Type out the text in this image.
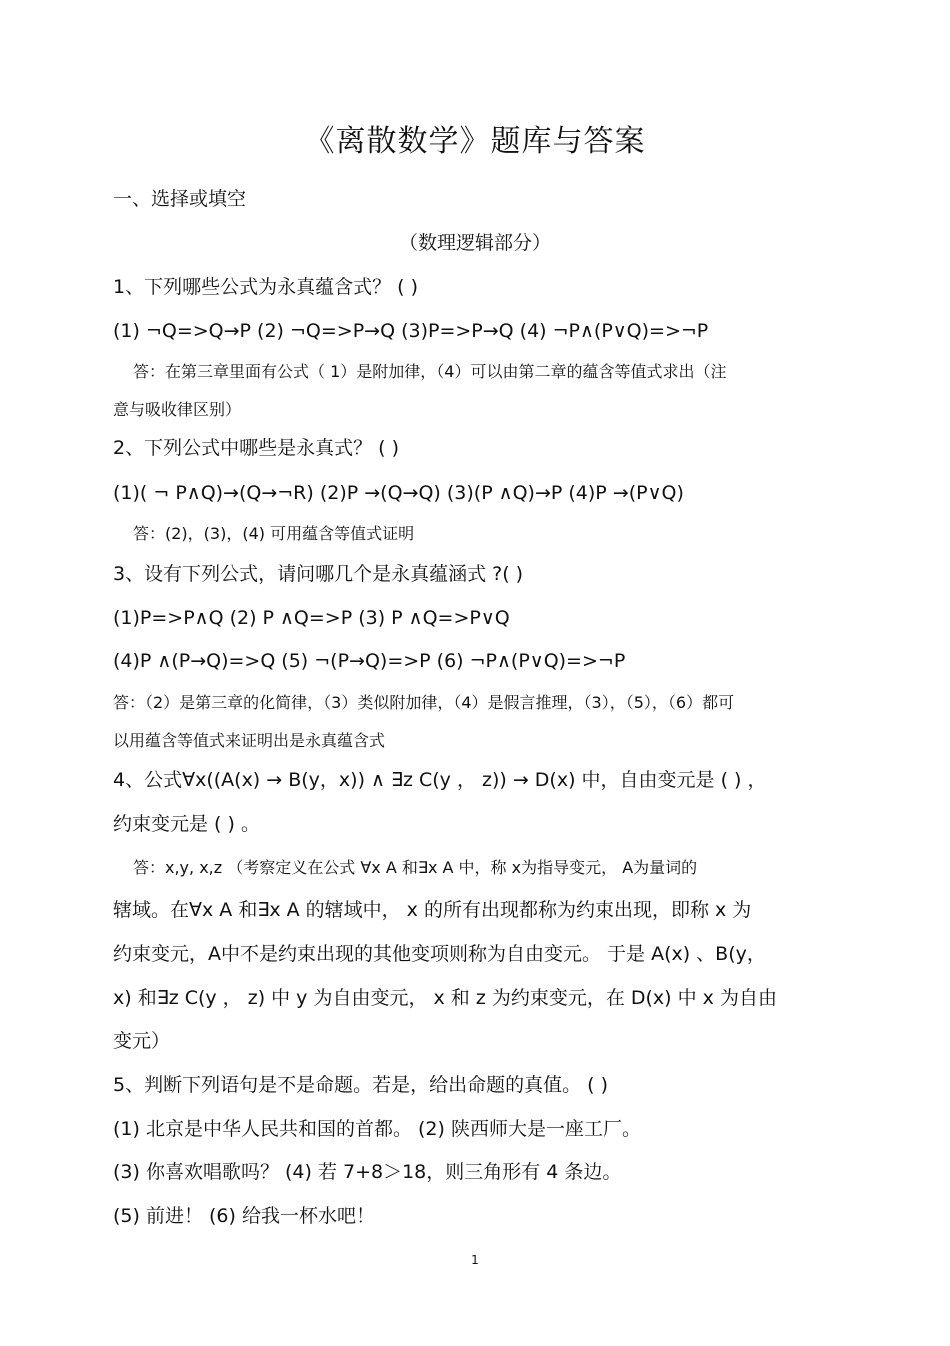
《离散数学》题库与答案
一、选择或填空
（数理逻辑部分）
1、下列哪些公式为永真蕴含式？ ( )
(1) ¬Q=>Q→P (2) ¬Q=>P→Q (3)P=>P→Q (4) ¬P∧(P∨Q)=>¬P
答：在第三章里面有公式（ 1）是附加律，（4）可以由第二章的蕴含等值式求出（注
意与吸收律区别）
2、下列公式中哪些是永真式？ ( )
(1)( ¬ P∧Q)→(Q→¬R) (2)P →(Q→Q) (3)(P ∧Q)→P (4)P →(P∨Q)
答：(2)，(3)，(4) 可用蕴含等值式证明
3、设有下列公式，请问哪几个是永真蕴涵式 ?( )
(1)P=>P∧Q (2) P ∧Q=>P (3) P ∧Q=>P∨Q
(4)P ∧(P→Q)=>Q (5) ¬(P→Q)=>P (6) ¬P∧(P∨Q)=>¬P
答：（2）是第三章的化简律，（3）类似附加律，（4）是假言推理，（3），（5），（6）都可
以用蕴含等值式来证明出是永真蕴含式
4、公式∀x((A(x) → B(y，x)) ∧ ∃z C(y ， z)) → D(x) 中，自由变元是 ( ) ，
约束变元是 ( ) 。
答：x,y, x,z （考察定义在公式 ∀x A 和∃x A 中，称 x为指导变元， A为量词的
辖域。在∀x A 和∃x A 的辖域中， x 的所有出现都称为约束出现，即称 x 为
约束变元，A中不是约束出现的其他变项则称为自由变元。 于是 A(x) 、B(y，
x) 和∃z C(y ， z) 中 y 为自由变元， x 和 z 为约束变元，在 D(x) 中 x 为自由
变元）
5、判断下列语句是不是命题。若是，给出命题的真值。 ( )
(1) 北京是中华人民共和国的首都。 (2) 陕西师大是一座工厂。
(3) 你喜欢唱歌吗？ (4) 若 7+8＞18，则三角形有 4 条边。
(5) 前进！ (6) 给我一杯水吧！
1
